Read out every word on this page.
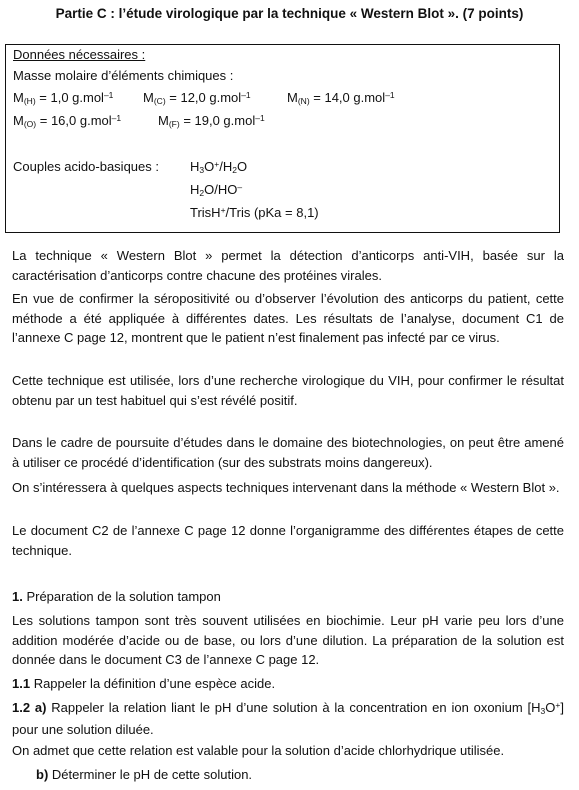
Partie C : l’étude virologique par la technique « Western Blot ». (7 points)
Données nécessaires :
Masse molaire d’éléments chimiques :
M(H) = 1,0 g.mol$^{-1}$ M(C) = 12,0 g.mol$^{-1}$	M(N) = 14,0 g.mol$^{-1}$
M(O) = 16,0 g.mol$^{-1}$	M(F) = 19,0 g.mol$^{-1}$
Couples acido-basiques : H3O+/H2O
H2O/HO–
TrisH+/Tris (pKa = 8,1)
La technique « Western Blot » permet la détection d’anticorps anti-VIH, basée sur la caractérisation d’anticorps contre chacune des protéines virales.
En vue de confirmer la séropositivité ou d’observer l’évolution des anticorps du patient, cette méthode a été appliquée à différentes dates. Les résultats de l’analyse, document C1 de l’annexe C page 12, montrent que le patient n’est finalement pas infecté par ce virus.
Cette technique est utilisée, lors d’une recherche virologique du VIH, pour confirmer le résultat obtenu par un test habituel qui s’est révélé positif.
Dans le cadre de poursuite d’études dans le domaine des biotechnologies, on peut être amené à utiliser ce procédé d’identification (sur des substrats moins dangereux).
On s’intéressera à quelques aspects techniques intervenant dans la méthode « Western Blot ».
Le document C2 de l’annexe C page 12 donne l’organigramme des différentes étapes de cette technique.
1. Préparation de la solution tampon
Les solutions tampon sont très souvent utilisées en biochimie. Leur pH varie peu lors d’une addition modérée d’acide ou de base, ou lors d’une dilution. La préparation de la solution est donnée dans le document C3 de l’annexe C page 12.
1.1 Rappeler la définition d’une espèce acide.
1.2 a) Rappeler la relation liant le pH d’une solution à la concentration en ion oxonium [H3O+] pour une solution diluée.
On admet que cette relation est valable pour la solution d’acide chlorhydrique utilisée.
b) Déterminer le pH de cette solution.
